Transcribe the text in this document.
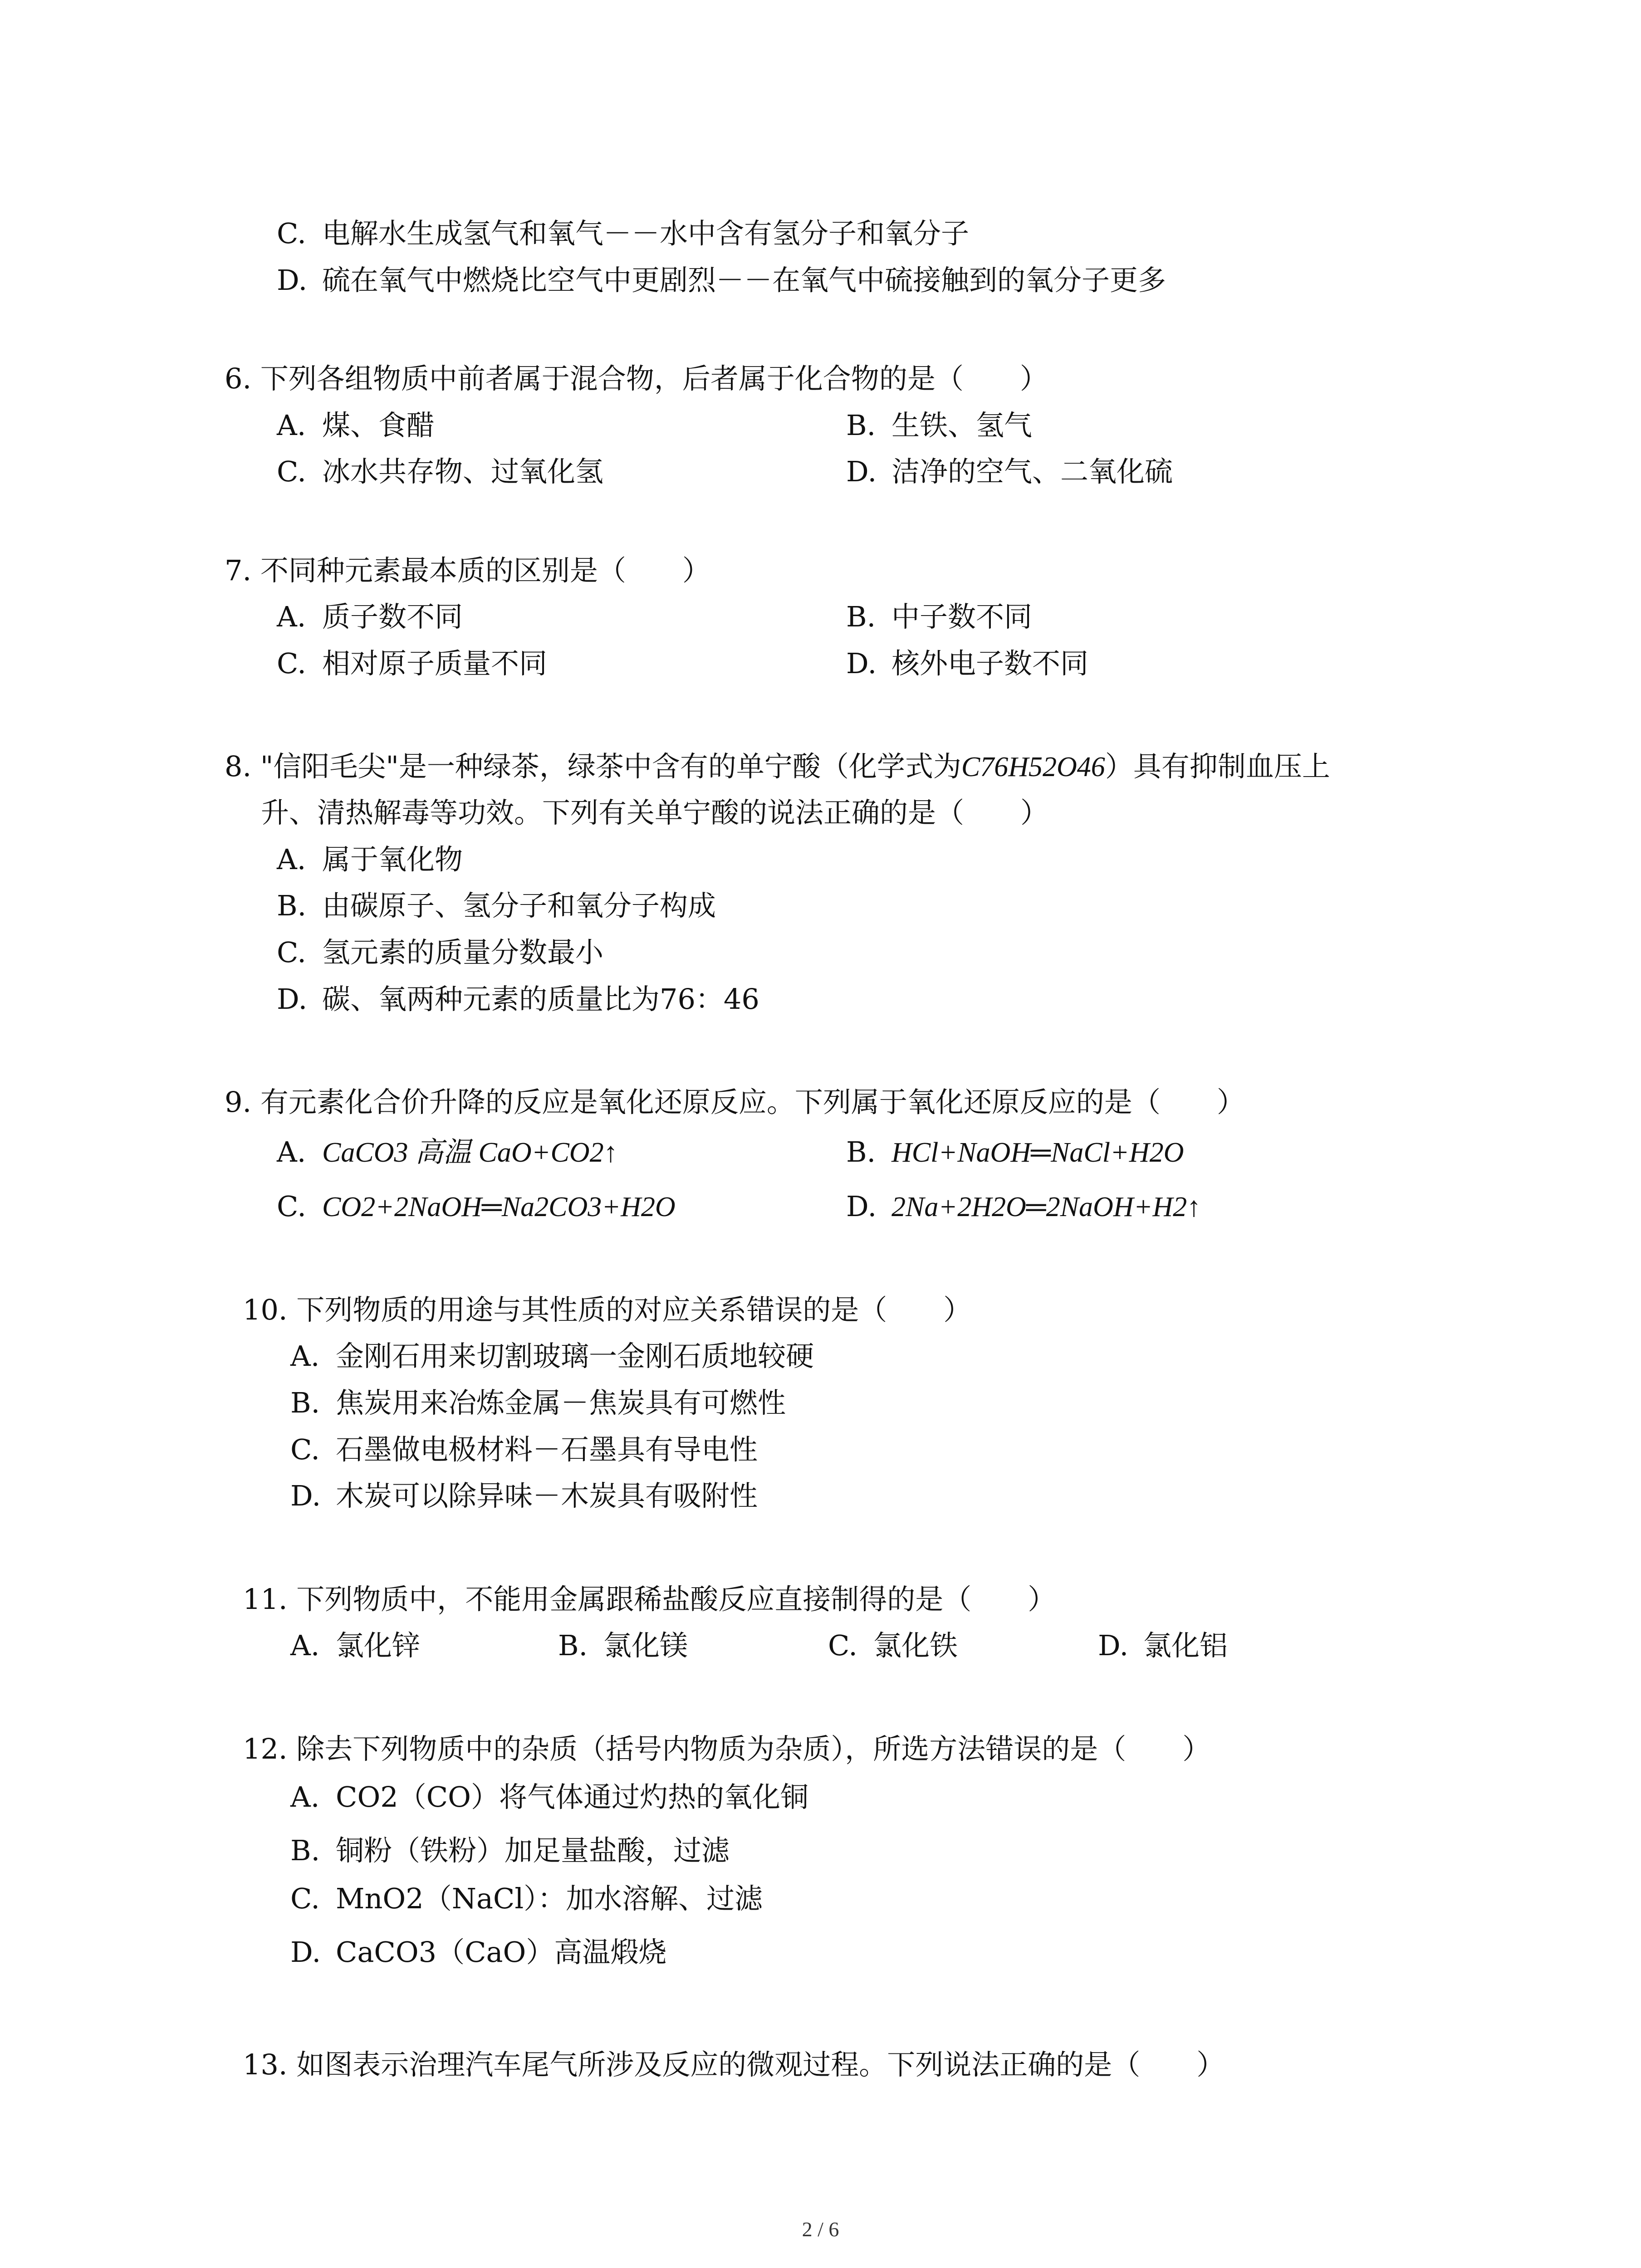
C. 电解水生成氢气和氧气－－水中含有氢分子和氧分子
D. 硫在氧气中燃烧比空气中更剧烈－－在氧气中硫接触到的氧分子更多
6. 下列各组物质中前者属于混合物，后者属于化合物的是（　　）
A. 煤、食醋	B. 生铁、氢气
C. 冰水共存物、过氧化氢	D. 洁净的空气、二氧化硫
7. 不同种元素最本质的区别是（　　）
A. 质子数不同	B. 中子数不同
C. 相对原子质量不同	D. 核外电子数不同
8. "信阳毛尖"是一种绿茶，绿茶中含有的单宁酸（化学式为C76H52O46）具有抑制血压上
升、清热解毒等功效。下列有关单宁酸的说法正确的是（　　）
A. 属于氧化物
B. 由碳原子、氢分子和氧分子构成
C. 氢元素的质量分数最小
D. 碳、氧两种元素的质量比为76：46
9. 有元素化合价升降的反应是氧化还原反应。下列属于氧化还原反应的是（　　）
A. CaCO3 高温 CaO+CO2↑	B. HCl+NaOH═NaCl+H2O
C. CO2+2NaOH═Na2CO3+H2O	D. 2Na+2H2O═2NaOH+H2↑
10. 下列物质的用途与其性质的对应关系错误的是（　　）
A. 金刚石用来切割玻璃一金刚石质地较硬
B. 焦炭用来冶炼金属－焦炭具有可燃性
C. 石墨做电极材料－石墨具有导电性
D. 木炭可以除异味－木炭具有吸附性
11. 下列物质中，不能用金属跟稀盐酸反应直接制得的是（　　）
A. 氯化锌	B. 氯化镁	C. 氯化铁	D. 氯化铝
12. 除去下列物质中的杂质（括号内物质为杂质），所选方法错误的是（　　）
A. CO2（CO）将气体通过灼热的氧化铜
B. 铜粉（铁粉）加足量盐酸，过滤
C. MnO2（NaCl）：加水溶解、过滤
D. CaCO3（CaO）高温煅烧
13. 如图表示治理汽车尾气所涉及反应的微观过程。下列说法正确的是（　　）
2 / 6
